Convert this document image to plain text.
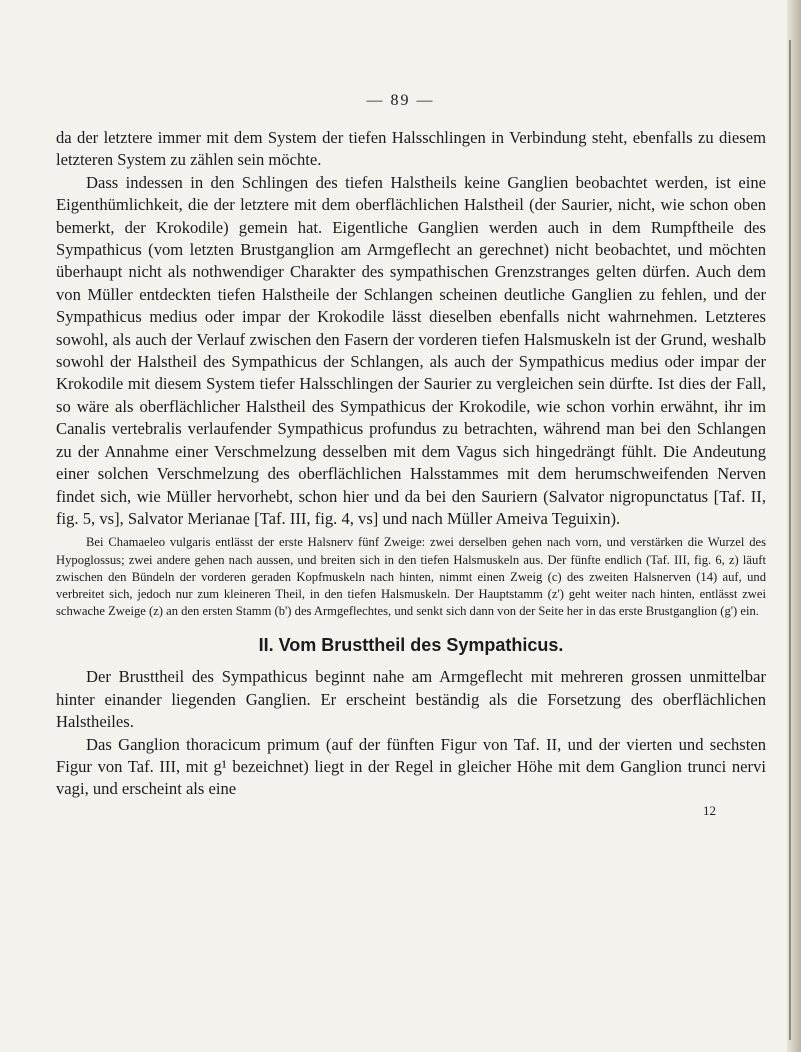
— 89 —

da der letztere immer mit dem System der tiefen Halsschlingen in Verbindung steht, ebenfalls zu diesem letzteren System zu zählen sein möchte.

Dass indessen in den Schlingen des tiefen Halstheils keine Ganglien beobachtet werden, ist eine Eigenthümlichkeit, die der letztere mit dem oberflächlichen Halstheil (der Saurier, nicht, wie schon oben bemerkt, der Krokodile) gemein hat. Eigentliche Ganglien werden auch in dem Rumpftheile des Sympathicus (vom letzten Brustganglion am Armgeflecht an gerechnet) nicht beobachtet, und möchten überhaupt nicht als nothwendiger Charakter des sympathischen Grenzstranges gelten dürfen. Auch dem von Müller entdeckten tiefen Halstheile der Schlangen scheinen deutliche Ganglien zu fehlen, und der Sympathicus medius oder impar der Krokodile lässt dieselben ebenfalls nicht wahrnehmen. Letzteres sowohl, als auch der Verlauf zwischen den Fasern der vorderen tiefen Halsmuskeln ist der Grund, weshalb sowohl der Halstheil des Sympathicus der Schlangen, als auch der Sympathicus medius oder impar der Krokodile mit diesem System tiefer Halsschlingen der Saurier zu vergleichen sein dürfte. Ist dies der Fall, so wäre als oberflächlicher Halstheil des Sympathicus der Krokodile, wie schon vorhin erwähnt, ihr im Canalis vertebralis verlaufender Sympathicus profundus zu betrachten, während man bei den Schlangen zu der Annahme einer Verschmelzung desselben mit dem Vagus sich hingedrängt fühlt. Die Andeutung einer solchen Verschmelzung des oberflächlichen Halsstammes mit dem herumschweifenden Nerven findet sich, wie Müller hervorhebt, schon hier und da bei den Sauriern (Salvator nigropunctatus [Taf. II, fig. 5, vs], Salvator Merianae [Taf. III, fig. 4, vs] und nach Müller Ameiva Teguixin).

Bei Chamaeleo vulgaris entlässt der erste Halsnerv fünf Zweige: zwei derselben gehen nach vorn, und verstärken die Wurzel des Hypoglossus; zwei andere gehen nach aussen, und breiten sich in den tiefen Halsmuskeln aus. Der fünfte endlich (Taf. III, fig. 6, z) läuft zwischen den Bündeln der vorderen geraden Kopfmuskeln nach hinten, nimmt einen Zweig (c) des zweiten Halsnerven (14) auf, und verbreitet sich, jedoch nur zum kleineren Theil, in den tiefen Halsmuskeln. Der Hauptstamm (z') geht weiter nach hinten, entlässt zwei schwache Zweige (z) an den ersten Stamm (b') des Armgeflechtes, und senkt sich dann von der Seite her in das erste Brustganglion (g') ein.

II. Vom Brusttheil des Sympathicus.

Der Brusttheil des Sympathicus beginnt nahe am Armgeflecht mit mehreren grossen unmittelbar hinter einander liegenden Ganglien. Er erscheint beständig als die Forsetzung des oberflächlichen Halstheiles.

Das Ganglion thoracicum primum (auf der fünften Figur von Taf. II, und der vierten und sechsten Figur von Taf. III, mit g¹ bezeichnet) liegt in der Regel in gleicher Höhe mit dem Ganglion trunci nervi vagi, und erscheint als eine

12
